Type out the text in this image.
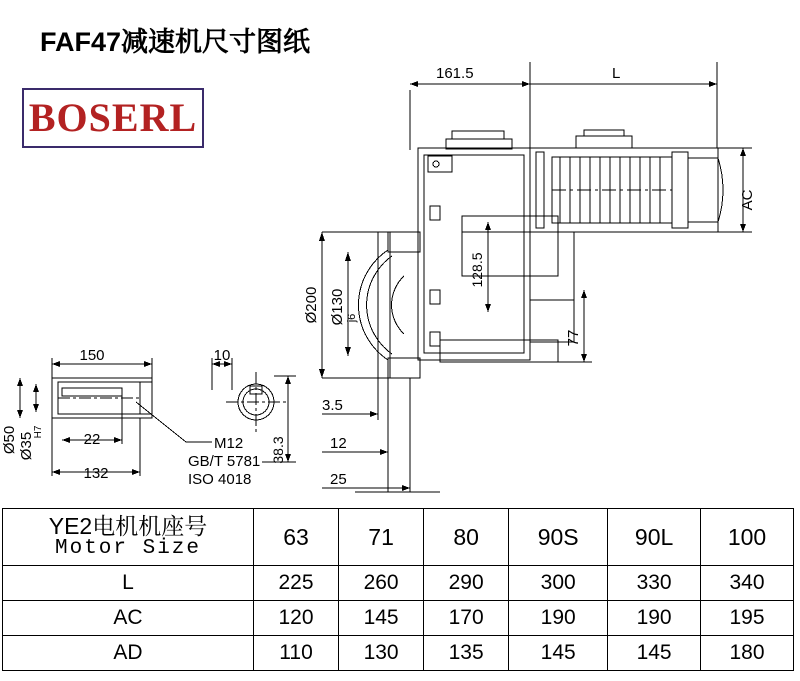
FAF47减速机尺寸图纸
BOSERL
161.5	L
AC
Ø200 Ø130 j6
128.5
77
3.5
12
25
150	10
22
132
Ø50 Ø35
H7
38.3
M12
GB/T 5781
ISO 4018
YE2电机机座号
Motor Size	63	71	80	90S	90L	100
L	225	260	290	300	330	340
AC	120	145	170	190	190	195
AD	110	130	135	145	145	180
